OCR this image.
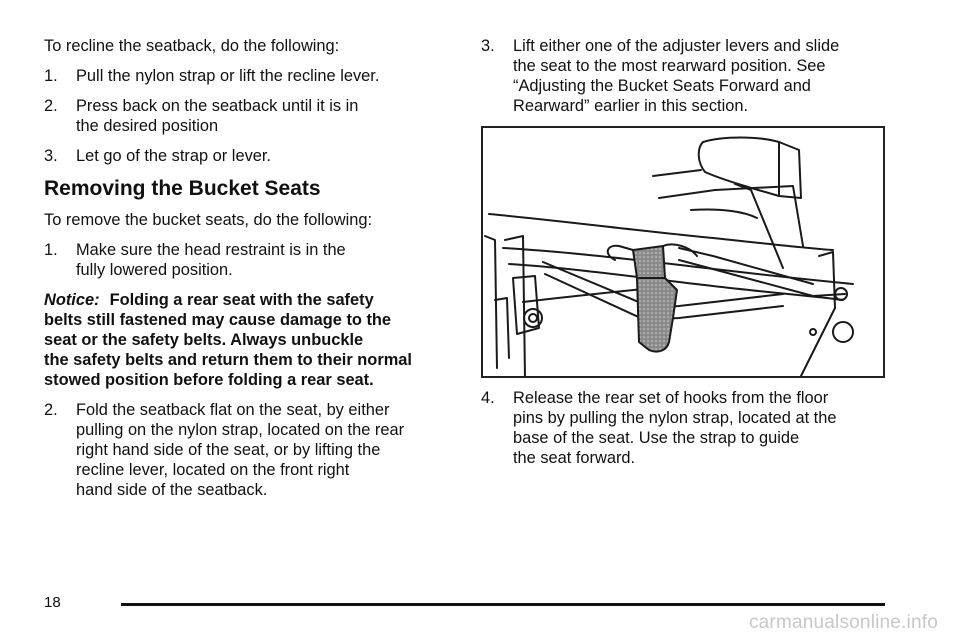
To recline the seatback, do the following:

1. Pull the nylon strap or lift the recline lever.
2. Press back on the seatback until it is in
the desired position
3. Let go of the strap or lever.
Removing the Bucket Seats

To remove the bucket seats, do the following:

1. Make sure the head restraint is in the
fully lowered position.
Notice: Folding a rear seat with the safety
belts still fastened may cause damage to the
seat or the safety belts. Always unbuckle
the safety belts and return them to their normal
stowed position before folding a rear seat.
2. Fold the seatback flat on the seat, by either
pulling on the nylon strap, located on the rear
right hand side of the seat, or by lifting the
recline lever, located on the front right
hand side of the seatback.
3. Lift either one of the adjuster levers and slide
the seat to the most rearward position. See
“Adjusting the Bucket Seats Forward and
Rearward” earlier in this section.
4. Release the rear set of hooks from the floor
pins by pulling the nylon strap, located at the
base of the seat. Use the strap to guide
the seat forward.
18
carmanualsonline.info
